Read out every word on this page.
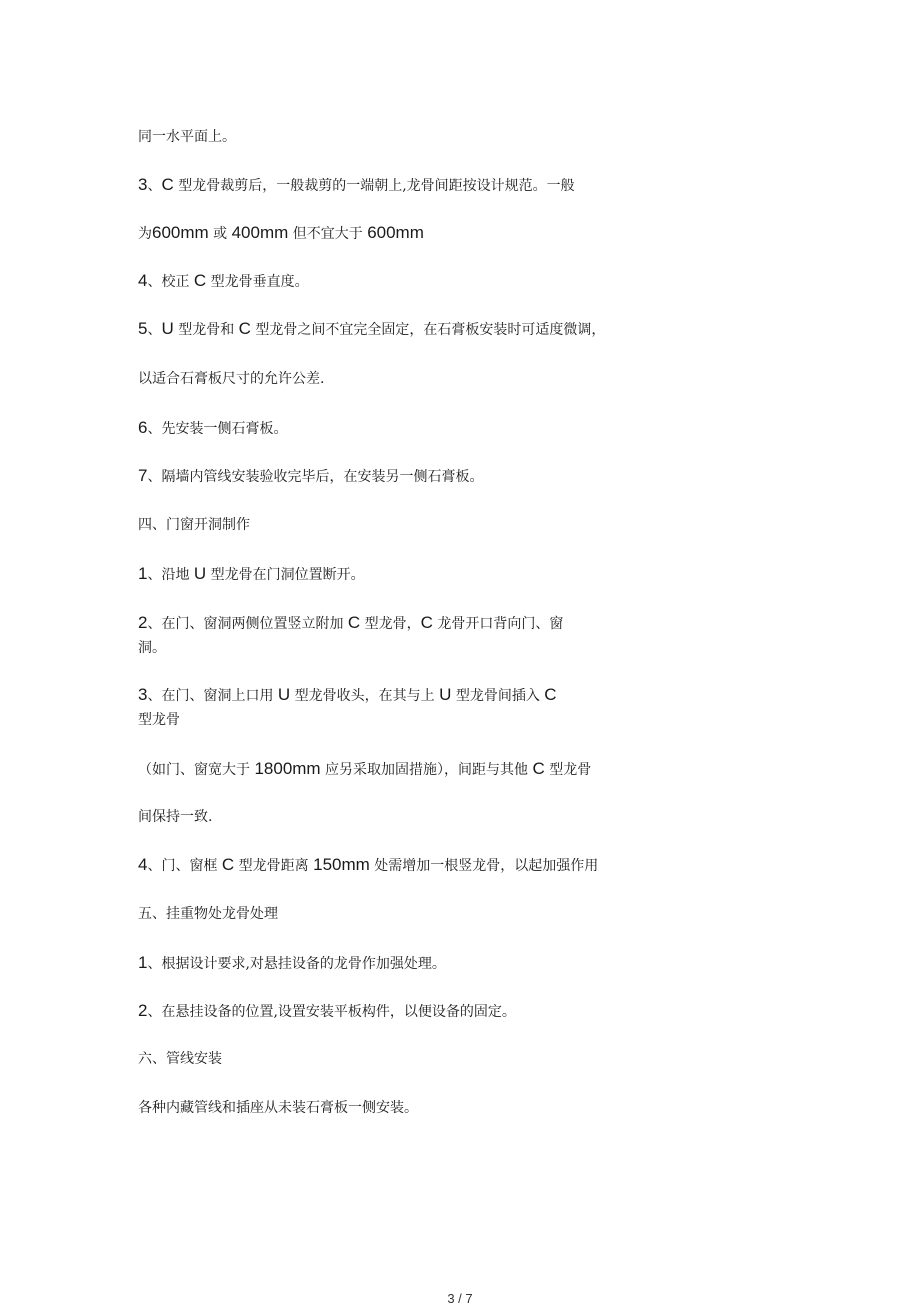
同一水平面上。
3、C 型龙骨裁剪后，一般裁剪的一端朝上,龙骨间距按设计规范。一般
为600mm 或 400mm 但不宜大于 600mm
4、校正 C 型龙骨垂直度。
5、U 型龙骨和 C 型龙骨之间不宜完全固定，在石膏板安装时可适度微调，
以适合石膏板尺寸的允许公差.
6、先安装一侧石膏板。
7、隔墙内管线安装验收完毕后，在安装另一侧石膏板。
四、门窗开洞制作
1、沿地 U 型龙骨在门洞位置断开。
2、在门、窗洞两侧位置竖立附加 C 型龙骨，C 龙骨开口背向门、窗
洞。
3、在门、窗洞上口用 U 型龙骨收头，在其与上 U 型龙骨间插入 C
型龙骨
（如门、窗宽大于 1800mm 应另采取加固措施），间距与其他 C 型龙骨
间保持一致.
4、门、窗框 C 型龙骨距离 150mm 处需增加一根竖龙骨，以起加强作用
五、挂重物处龙骨处理
1、根据设计要求,对悬挂设备的龙骨作加强处理。
2、在悬挂设备的位置,设置安装平板构件，以便设备的固定。
六、管线安装
各种内藏管线和插座从未装石膏板一侧安装。
3 / 7
